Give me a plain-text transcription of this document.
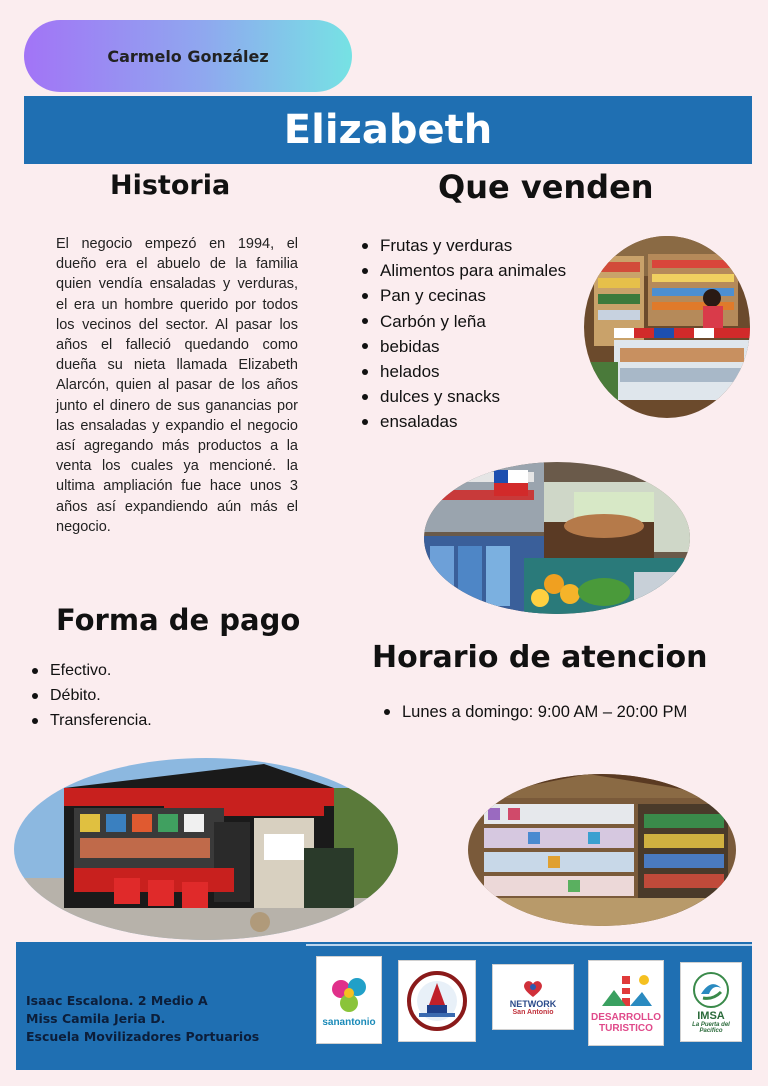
Carmelo González
Elizabeth
Historia	Que venden
El negocio empezó en 1994, el dueño era el abuelo de la familia quien vendía ensaladas y verduras, el era un hombre querido por todos los vecinos del sector. Al pasar los años el falleció quedando como dueña su nieta llamada Elizabeth Alarcón, quien al pasar de los años junto el dinero de sus ganancias por las ensaladas y expandio el negocio así agregando más productos a la venta los cuales ya mencioné. la ultima ampliación fue hace unos 3 años así expandiendo aún más el negocio.
Frutas y verduras
Alimentos para animales
Pan y cecinas
Carbón y leña
bebidas
helados
dulces y snacks
ensaladas
Forma de pago
Efectivo.
Débito.
Transferencia.
Horario de atencion
Lunes a domingo: 9:00 AM – 20:00 PM
Isaac Escalona. 2 Medio A
Miss Camila Jeria D.
Escuela Movilizadores Portuarios
sanantonio
NETWORK
San Antonio	DESARROLLO TURISTICO
IMSA
La Puerta del Pacífico
